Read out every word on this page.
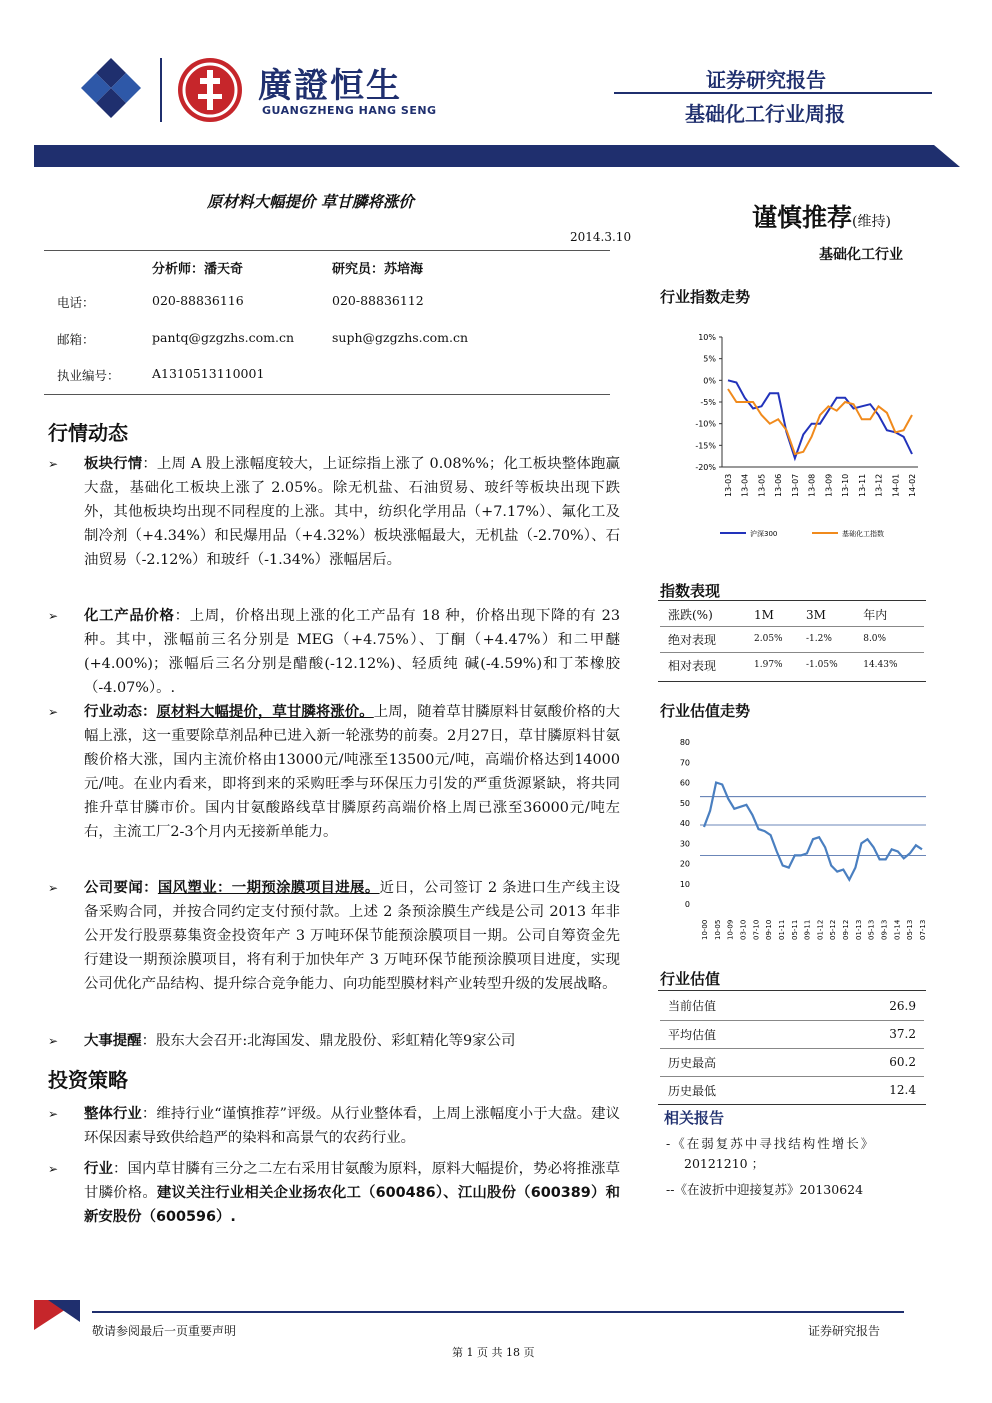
廣證恒生
GUANGZHENG HANG SENG
证券研究报告
基础化工行业周报
原材料大幅提价 草甘膦将涨价
2014.3.10
分析师：潘天奇	研究员：苏培海
电话：	020-88836116	020-88836112
邮箱：	pantq@gzgzhs.com.cn	suph@gzgzhs.com.cn
执业编号：	A1310513110001
谨慎推荐(维持)
基础化工行业
行情动态
➢ 板块行情：上周 A 股上涨幅度较大，上证综指上涨了 0.08%%；化工板块整体跑赢大盘，基础化工板块上涨了 2.05%。除无机盐、石油贸易、玻纤等板块出现下跌外，其他板块均出现不同程度的上涨。其中，纺织化学用品（+7.17%）、氟化工及制冷剂（+4.34%）和民爆用品（+4.32%）板块涨幅最大，无机盐（-2.70%）、石油贸易（-2.12%）和玻纤（-1.34%）涨幅居后。
➢ 化工产品价格：上周，价格出现上涨的化工产品有 18 种，价格出现下降的有 23 种。其中，涨幅前三名分别是 MEG（+4.75%）、丁酮（+4.47%）和二甲醚(+4.00%)；涨幅后三名分别是醋酸(-12.12%)、轻质纯 碱(-4.59%)和丁苯橡胶（-4.07%）。.
➢ 行业动态：原材料大幅提价，草甘膦将涨价。上周，随着草甘膦原料甘氨酸价格的大幅上涨，这一重要除草剂品种已进入新一轮涨势的前奏。2月27日，草甘膦原料甘氨酸价格大涨，国内主流价格由13000元/吨涨至13500元/吨，高端价格达到14000元/吨。在业内看来，即将到来的采购旺季与环保压力引发的严重货源紧缺，将共同推升草甘膦市价。国内甘氨酸路线草甘膦原药高端价格上周已涨至36000元/吨左右，主流工厂2-3个月内无接新单能力。
➢ 公司要闻：国风塑业：一期预涂膜项目进展。近日，公司签订 2 条进口生产线主设备采购合同，并按合同约定支付预付款。上述 2 条预涂膜生产线是公司 2013 年非公开发行股票募集资金投资年产 3 万吨环保节能预涂膜项目一期。公司自筹资金先行建设一期预涂膜项目，将有利于加快年产 3 万吨环保节能预涂膜项目进度，实现公司优化产品结构、提升综合竞争能力、向功能型膜材料产业转型升级的发展战略。
➢ 大事提醒：股东大会召开:北海国发、鼎龙股份、彩虹精化等9家公司
投资策略
➢ 整体行业：维持行业“谨慎推荐”评级。从行业整体看，上周上涨幅度小于大盘。建议环保因素导致供给趋严的染料和高景气的农药行业。
➢ 行业：国内草甘膦有三分之二左右采用甘氨酸为原料，原料大幅提价，势必将推涨草甘膦价格。建议关注行业相关企业扬农化工（600486）、江山股份（600389）和新安股份（600596）.
行业指数走势
10%
5%
0%
-5%
-10%
-15%
-20%
13-03 13-04 13-05 13-06 13-07 13-08 13-09 13-10 13-11 13-12 14-01 14-02
沪深300	基础化工指数
指数表现
涨跌(%)	1M	3M	年内
绝对表现	2.05%	-1.2%	8.0%
相对表现	1.97%	-1.05%	14.43%
行业估值走势
80
70
60
50
40
30
20
10
0
10-00 10-05 10-09 03-10 07-10 09-10 01-11 05-11 09-11 01-12 05-12 09-12 01-13 05-13 09-13 01-14 05-13 07-13
行业估值
当前估值	26.9
平均估值	37.2
历史最高	60.2
历史最低	12.4
相关报告
-《在弱复苏中寻找结构性增长》
20121210 ；
--《在波折中迎接复苏》20130624
敬请参阅最后一页重要声明	证券研究报告
第 1 页 共 18 页
